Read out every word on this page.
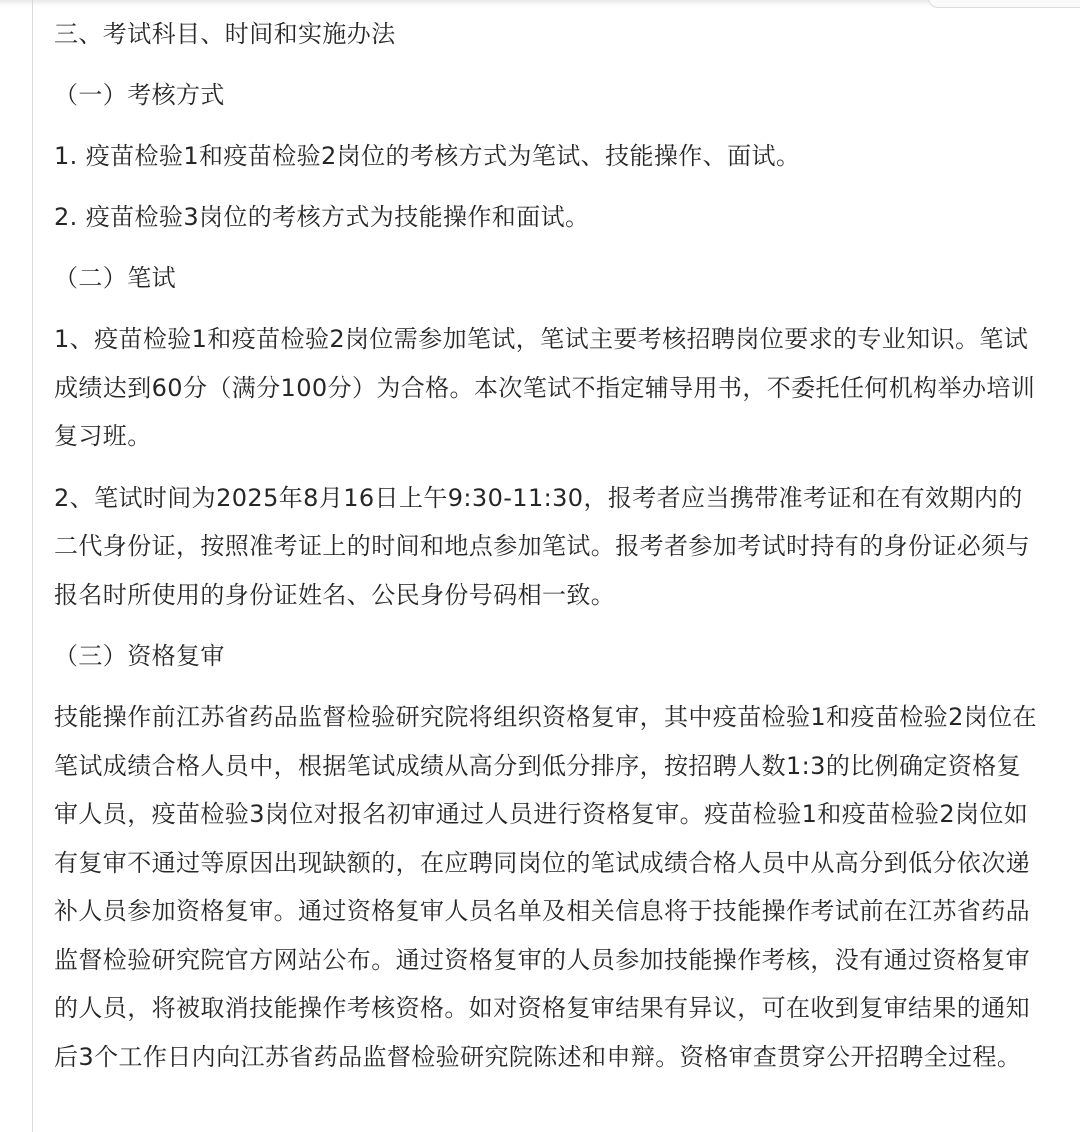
三、考试科目、时间和实施办法

（一）考核方式

1. 疫苗检验1和疫苗检验2岗位的考核方式为笔试、技能操作、面试。

2. 疫苗检验3岗位的考核方式为技能操作和面试。

（二）笔试

1、疫苗检验1和疫苗检验2岗位需参加笔试，笔试主要考核招聘岗位要求的专业知识。笔试成绩达到60分（满分100分）为合格。本次笔试不指定辅导用书，不委托任何机构举办培训复习班。

2、笔试时间为2025年8月16日上午9:30-11:30，报考者应当携带准考证和在有效期内的二代身份证，按照准考证上的时间和地点参加笔试。报考者参加考试时持有的身份证必须与报名时所使用的身份证姓名、公民身份号码相一致。

（三）资格复审

技能操作前江苏省药品监督检验研究院将组织资格复审，其中疫苗检验1和疫苗检验2岗位在笔试成绩合格人员中，根据笔试成绩从高分到低分排序，按招聘人数1:3的比例确定资格复审人员，疫苗检验3岗位对报名初审通过人员进行资格复审。疫苗检验1和疫苗检验2岗位如有复审不通过等原因出现缺额的，在应聘同岗位的笔试成绩合格人员中从高分到低分依次递补人员参加资格复审。通过资格复审人员名单及相关信息将于技能操作考试前在江苏省药品监督检验研究院官方网站公布。通过资格复审的人员参加技能操作考核，没有通过资格复审的人员，将被取消技能操作考核资格。如对资格复审结果有异议，可在收到复审结果的通知后3个工作日内向江苏省药品监督检验研究院陈述和申辩。资格审查贯穿公开招聘全过程。
